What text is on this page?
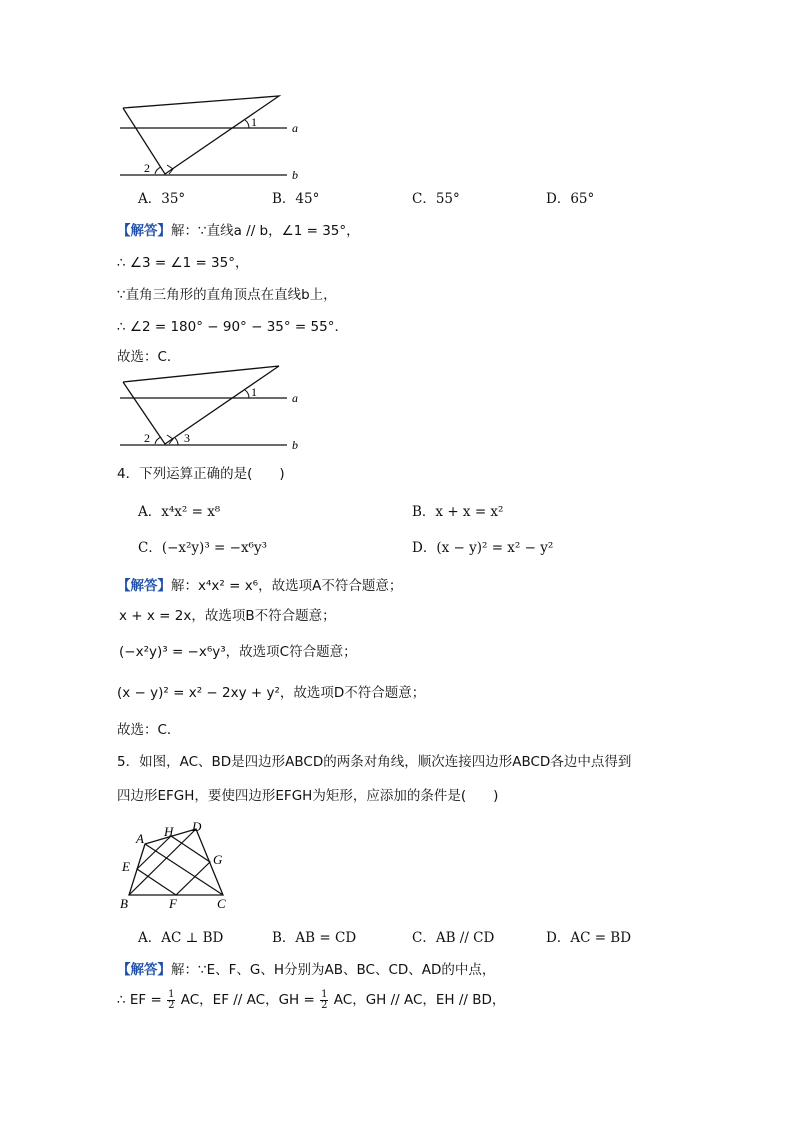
1
2
a
b
A．35°	B．45°	C．55°	D．65°
【解答】解：∵直线a // b，∠1 = 35°，
∴ ∠3 = ∠1 = 35°，
∵直角三角形的直角顶点在直线b上，
∴ ∠2 = 180° − 90° − 35° = 55°．
故选：C．
1
2	3
a
b
4．下列运算正确的是(　　)
A．x⁴x² = x⁸	B．x + x = x²
C．(−x²y)³ = −x⁶y³	D．(x − y)² = x² − y²
【解答】解：x⁴x² = x⁶，故选项A不符合题意；
x + x = 2x，故选项B不符合题意；
(−x²y)³ = −x⁶y³，故选项C符合题意；
(x − y)² = x² − 2xy + y²，故选项D不符合题意；
故选：C．
5．如图，AC、BD是四边形ABCD的两条对角线，顺次连接四边形ABCD各边中点得到
四边形EFGH，要使四边形EFGH为矩形，应添加的条件是(　　)
A H D
G
E
B	F	C
A．AC ⊥ BD	B．AB = CD	C．AB // CD	D．AC = BD
【解答】解：∵E、F、G、H分别为AB、BC、CD、AD的中点，
∴ EF = $\frac{1}{2}$ AC，EF // AC，GH = $\frac{1}{2}$ AC，GH // AC，EH // BD，
